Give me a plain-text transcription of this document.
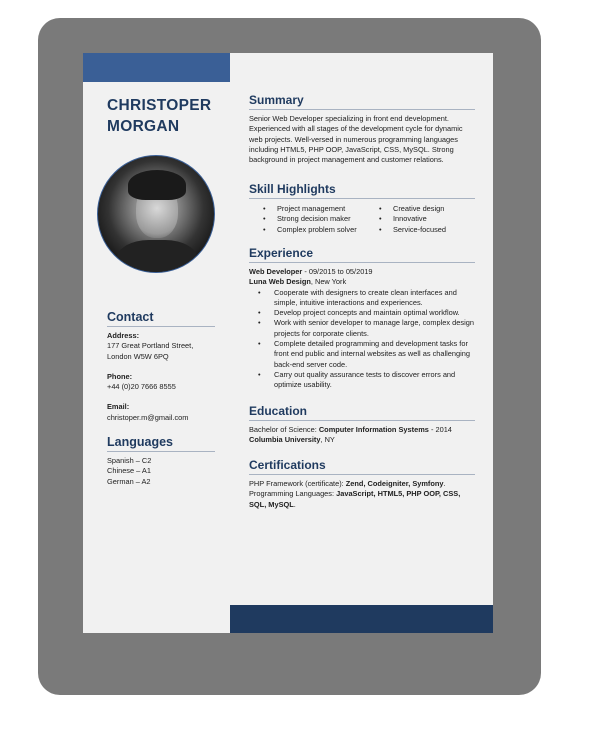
CHRISTOPER
MORGAN
Contact
Address:
177 Great Portland Street,
London W5W 6PQ
Phone:
+44 (0)20 7666 8555
Email:
christoper.m@gmail.com
Languages
Spanish – C2
Chinese – A1
German – A2
Summary
Senior Web Developer specializing in front end development. Experienced with all stages of the development cycle for dynamic web projects. Well-versed in numerous programming languages including HTML5, PHP OOP, JavaScript, CSS, MySQL. Strong background in project management and customer relations.
Skill Highlights
• Project management
• Strong decision maker
• Complex problem solver
• Creative design
• Innovative
• Service-focused
Experience
Web Developer - 09/2015 to 05/2019
Luna Web Design, New York
• Cooperate with designers to create clean interfaces and simple, intuitive interactions and experiences.
• Develop project concepts and maintain optimal workflow.
• Work with senior developer to manage large, complex design projects for corporate clients.
• Complete detailed programming and development tasks for front end public and internal websites as well as challenging back-end server code.
• Carry out quality assurance tests to discover errors and optimize usability.
Education
Bachelor of Science: Computer Information Systems - 2014
Columbia University, NY
Certifications
PHP Framework (certificate): Zend, Codeigniter, Symfony.
Programming Languages: JavaScript, HTML5, PHP OOP, CSS, SQL, MySQL.
